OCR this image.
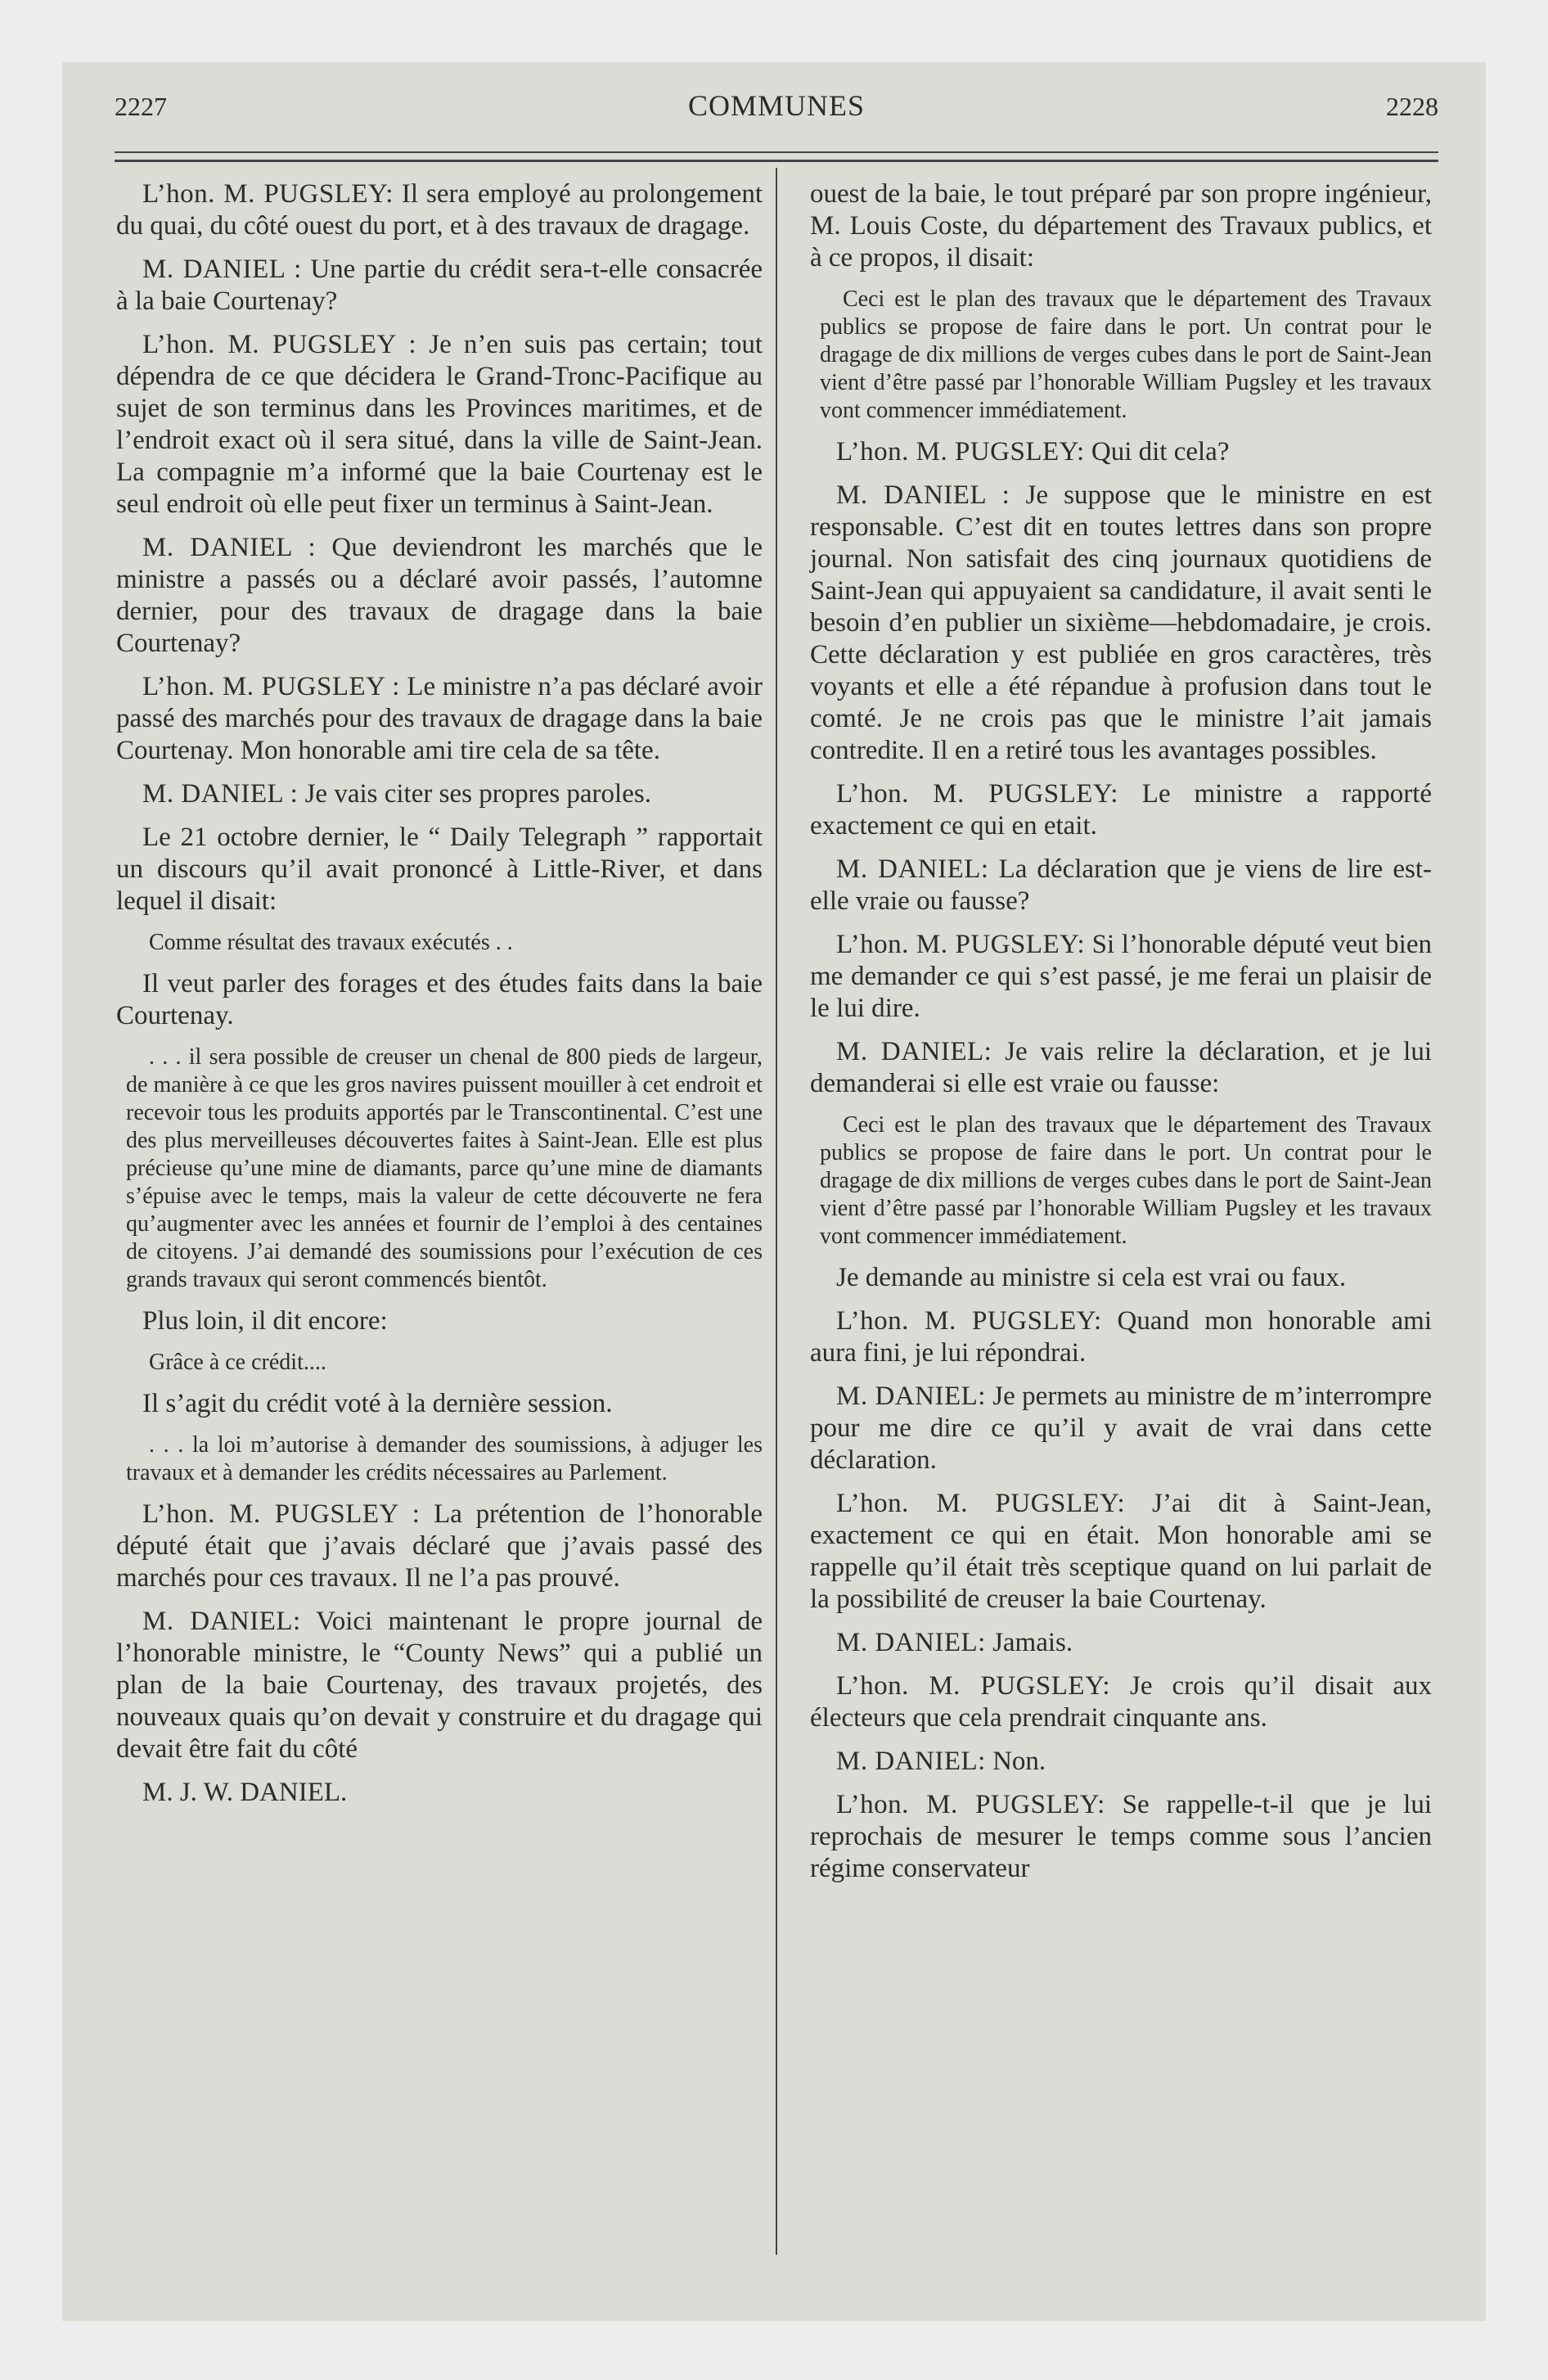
2227	COMMUNES	2228

L’hon. M. PUGSLEY: Il sera employé au prolongement du quai, du côté ouest du port, et à des travaux de dragage.

M. DANIEL : Une partie du crédit sera-t-elle consacrée à la baie Courtenay?

L’hon. M. PUGSLEY : Je n’en suis pas certain; tout dépendra de ce que décidera le Grand-Tronc-Pacifique au sujet de son terminus dans les Provinces maritimes, et de l’endroit exact où il sera situé, dans la ville de Saint-Jean. La compagnie m’a informé que la baie Courtenay est le seul endroit où elle peut fixer un terminus à Saint-Jean.

M. DANIEL : Que deviendront les marchés que le ministre a passés ou a déclaré avoir passés, l’automne dernier, pour des travaux de dragage dans la baie Courtenay?

L’hon. M. PUGSLEY : Le ministre n’a pas déclaré avoir passé des marchés pour des travaux de dragage dans la baie Courtenay. Mon honorable ami tire cela de sa tête.

M. DANIEL : Je vais citer ses propres paroles.

Le 21 octobre dernier, le “ Daily Telegraph ” rapportait un discours qu’il avait prononcé à Little-River, et dans lequel il disait:

Comme résultat des travaux exécutés . .

Il veut parler des forages et des études faits dans la baie Courtenay.

. . . il sera possible de creuser un chenal de 800 pieds de largeur, de manière à ce que les gros navires puissent mouiller à cet endroit et recevoir tous les produits apportés par le Transcontinental. C’est une des plus merveilleuses découvertes faites à Saint-Jean. Elle est plus précieuse qu’une mine de diamants, parce qu’une mine de diamants s’épuise avec le temps, mais la valeur de cette découverte ne fera qu’augmenter avec les années et fournir de l’emploi à des centaines de citoyens. J’ai demandé des soumissions pour l’exécution de ces grands travaux qui seront commencés bientôt.

Plus loin, il dit encore:

Grâce à ce crédit....

Il s’agit du crédit voté à la dernière session.

. . . la loi m’autorise à demander des soumissions, à adjuger les travaux et à demander les crédits nécessaires au Parlement.

L’hon. M. PUGSLEY : La prétention de l’honorable député était que j’avais déclaré que j’avais passé des marchés pour ces travaux. Il ne l’a pas prouvé.

M. DANIEL: Voici maintenant le propre journal de l’honorable ministre, le “County News” qui a publié un plan de la baie Courtenay, des travaux projetés, des nouveaux quais qu’on devait y construire et du dragage qui devait être fait du côté

M. J. W. DANIEL.

ouest de la baie, le tout préparé par son propre ingénieur, M. Louis Coste, du département des Travaux publics, et à ce propos, il disait:

Ceci est le plan des travaux que le département des Travaux publics se propose de faire dans le port. Un contrat pour le dragage de dix millions de verges cubes dans le port de Saint-Jean vient d’être passé par l’honorable William Pugsley et les travaux vont commencer immédiatement.

L’hon. M. PUGSLEY: Qui dit cela?

M. DANIEL : Je suppose que le ministre en est responsable. C’est dit en toutes lettres dans son propre journal. Non satisfait des cinq journaux quotidiens de Saint-Jean qui appuyaient sa candidature, il avait senti le besoin d’en publier un sixième—hebdomadaire, je crois. Cette déclaration y est publiée en gros caractères, très voyants et elle a été répandue à profusion dans tout le comté. Je ne crois pas que le ministre l’ait jamais contredite. Il en a retiré tous les avantages possibles.

L’hon. M. PUGSLEY: Le ministre a rapporté exactement ce qui en etait.

M. DANIEL: La déclaration que je viens de lire est-elle vraie ou fausse?

L’hon. M. PUGSLEY: Si l’honorable député veut bien me demander ce qui s’est passé, je me ferai un plaisir de le lui dire.

M. DANIEL: Je vais relire la déclaration, et je lui demanderai si elle est vraie ou fausse:

Ceci est le plan des travaux que le département des Travaux publics se propose de faire dans le port. Un contrat pour le dragage de dix millions de verges cubes dans le port de Saint-Jean vient d’être passé par l’honorable William Pugsley et les travaux vont commencer immédiatement.

Je demande au ministre si cela est vrai ou faux.

L’hon. M. PUGSLEY: Quand mon honorable ami aura fini, je lui répondrai.

M. DANIEL: Je permets au ministre de m’interrompre pour me dire ce qu’il y avait de vrai dans cette déclaration.

L’hon. M. PUGSLEY: J’ai dit à Saint-Jean, exactement ce qui en était. Mon honorable ami se rappelle qu’il était très sceptique quand on lui parlait de la possibilité de creuser la baie Courtenay.

M. DANIEL: Jamais.

L’hon. M. PUGSLEY: Je crois qu’il disait aux électeurs que cela prendrait cinquante ans.

M. DANIEL: Non.

L’hon. M. PUGSLEY: Se rappelle-t-il que je lui reprochais de mesurer le temps comme sous l’ancien régime conservateur
